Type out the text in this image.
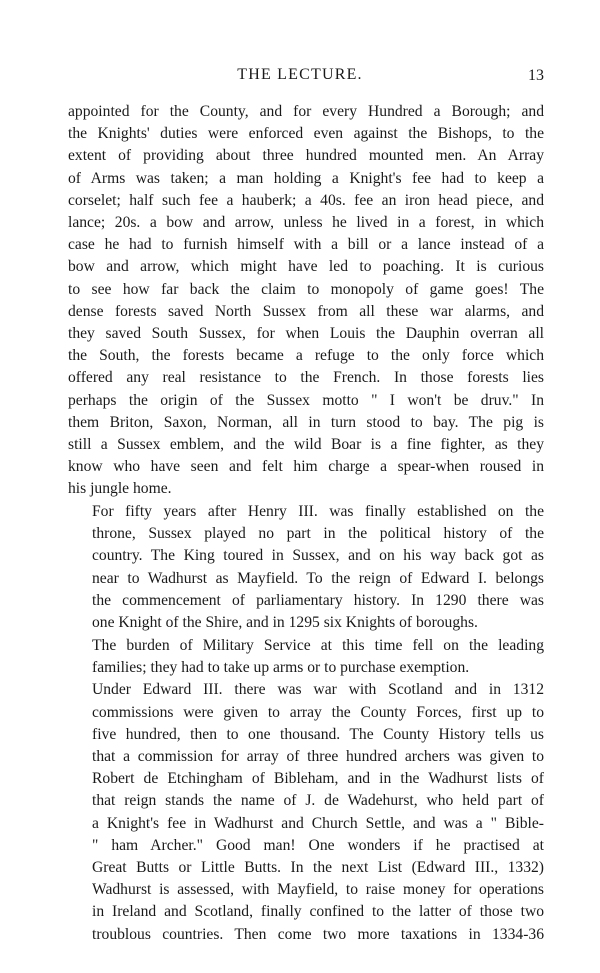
THE LECTURE.	13
appointed for the County, and for every Hundred a Borough; and
the Knights' duties were enforced even against the Bishops, to the
extent of providing about three hundred mounted men. An Array
of Arms was taken; a man holding a Knight's fee had to keep a
corselet; half such fee a hauberk; a 40s. fee an iron head piece, and
lance; 20s. a bow and arrow, unless he lived in a forest, in which
case he had to furnish himself with a bill or a lance instead of a
bow and arrow, which might have led to poaching. It is curious
to see how far back the claim to monopoly of game goes! The
dense forests saved North Sussex from all these war alarms, and
they saved South Sussex, for when Louis the Dauphin overran all
the South, the forests became a refuge to the only force which
offered any real resistance to the French. In those forests lies
perhaps the origin of the Sussex motto " I won't be druv." In
them Briton, Saxon, Norman, all in turn stood to bay. The pig is
still a Sussex emblem, and the wild Boar is a fine fighter, as they
know who have seen and felt him charge a spear-when roused in
his jungle home.
For fifty years after Henry III. was finally established on the
throne, Sussex played no part in the political history of the
country. The King toured in Sussex, and on his way back got as
near to Wadhurst as Mayfield. To the reign of Edward I. belongs
the commencement of parliamentary history. In 1290 there was
one Knight of the Shire, and in 1295 six Knights of boroughs.
The burden of Military Service at this time fell on the leading
families; they had to take up arms or to purchase exemption.
Under Edward III. there was war with Scotland and in 1312
commissions were given to array the County Forces, first up to
five hundred, then to one thousand. The County History tells us
that a commission for array of three hundred archers was given to
Robert de Etchingham of Bibleham, and in the Wadhurst lists of
that reign stands the name of J. de Wadehurst, who held part of
a Knight's fee in Wadhurst and Church Settle, and was a " Bible-
" ham Archer." Good man! One wonders if he practised at
Great Butts or Little Butts. In the next List (Edward III., 1332)
Wadhurst is assessed, with Mayfield, to raise money for operations
in Ireland and Scotland, finally confined to the latter of those two
troublous countries. Then come two more taxations in 1334-36
